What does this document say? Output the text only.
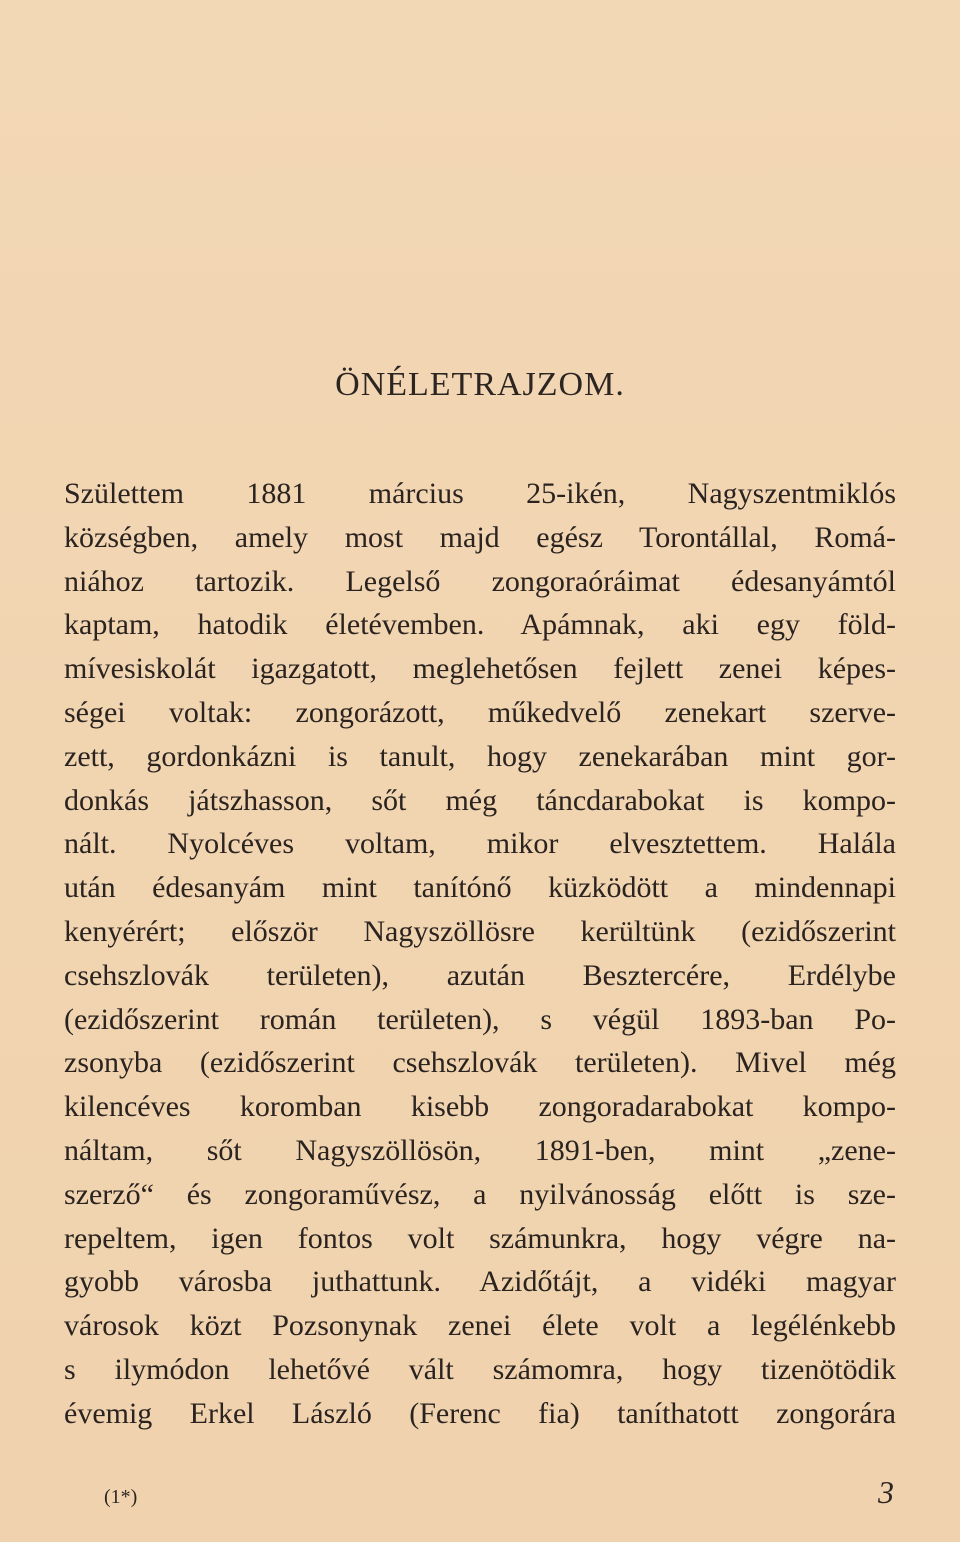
ÖNÉLETRAJZOM.
Születtem 1881 március 25-ikén, Nagyszentmiklós
községben, amely most majd egész Torontállal, Romá-
niához tartozik. Legelső zongoraóráimat édesanyámtól
kaptam, hatodik életévemben. Apámnak, aki egy föld-
mívesiskolát igazgatott, meglehetősen fejlett zenei képes-
ségei voltak: zongorázott, műkedvelő zenekart szerve-
zett, gordonkázni is tanult, hogy zenekarában mint gor-
donkás játszhasson, sőt még táncdarabokat is kompo-
nált. Nyolcéves voltam, mikor elvesztettem. Halála
után édesanyám mint tanítónő küzködött a mindennapi
kenyérért; először Nagyszöllösre kerültünk (ezidőszerint
csehszlovák területen), azután Besztercére, Erdélybe
(ezidőszerint román területen), s végül 1893-ban Po-
zsonyba (ezidőszerint csehszlovák területen). Mivel még
kilencéves koromban kisebb zongoradarabokat kompo-
náltam, sőt Nagyszöllösön, 1891-ben, mint „zene-
szerző“ és zongoraművész, a nyilvánosság előtt is sze-
repeltem, igen fontos volt számunkra, hogy végre na-
gyobb városba juthattunk. Azidőtájt, a vidéki magyar
városok közt Pozsonynak zenei élete volt a legélénkebb
s ilymódon lehetővé vált számomra, hogy tizenötödik
évemig Erkel László (Ferenc fia) taníthatott zongorára
(1*)	3
